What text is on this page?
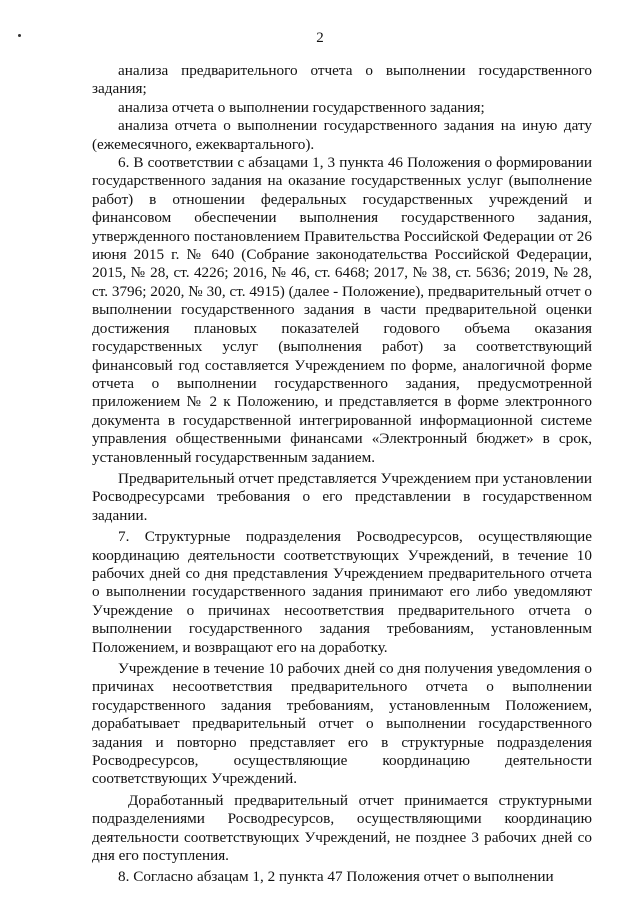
2

анализа предварительного отчета о выполнении государственного задания;

анализа отчета о выполнении государственного задания;

анализа отчета о выполнении государственного задания на иную дату (ежемесячного, ежеквартального).

6. В соответствии с абзацами 1, 3 пункта 46 Положения о формировании государственного задания на оказание государственных услуг (выполнение работ) в отношении федеральных государственных учреждений и финансовом обеспечении выполнения государственного задания, утвержденного постановлением Правительства Российской Федерации от 26 июня 2015 г. № 640 (Собрание законодательства Российской Федерации, 2015, № 28, ст. 4226; 2016, № 46, ст. 6468; 2017, № 38, ст. 5636; 2019, № 28, ст. 3796; 2020, № 30, ст. 4915) (далее - Положение), предварительный отчет о выполнении государственного задания в части предварительной оценки достижения плановых показателей годового объема оказания государственных услуг (выполнения работ) за соответствующий финансовый год составляется Учреждением по форме, аналогичной форме отчета о выполнении государственного задания, предусмотренной приложением № 2 к Положению, и представляется в форме электронного документа в государственной интегрированной информационной системе управления общественными финансами «Электронный бюджет» в срок, установленный государственным заданием.

Предварительный отчет представляется Учреждением при установлении Росводресурсами требования о его представлении в государственном задании.

7. Структурные подразделения Росводресурсов, осуществляющие координацию деятельности соответствующих Учреждений, в течение 10 рабочих дней со дня представления Учреждением предварительного отчета о выполнении государственного задания принимают его либо уведомляют Учреждение о причинах несоответствия предварительного отчета о выполнении государственного задания требованиям, установленным Положением, и возвращают его на доработку.

Учреждение в течение 10 рабочих дней со дня получения уведомления о причинах несоответствия предварительного отчета о выполнении государственного задания требованиям, установленным Положением, дорабатывает предварительный отчет о выполнении государственного задания и повторно представляет его в структурные подразделения Росводресурсов, осуществляющие координацию деятельности соответствующих Учреждений.

Доработанный предварительный отчет принимается структурными подразделениями Росводресурсов, осуществляющими координацию деятельности соответствующих Учреждений, не позднее 3 рабочих дней со дня его поступления.

8. Согласно абзацам 1, 2 пункта 47 Положения отчет о выполнении
